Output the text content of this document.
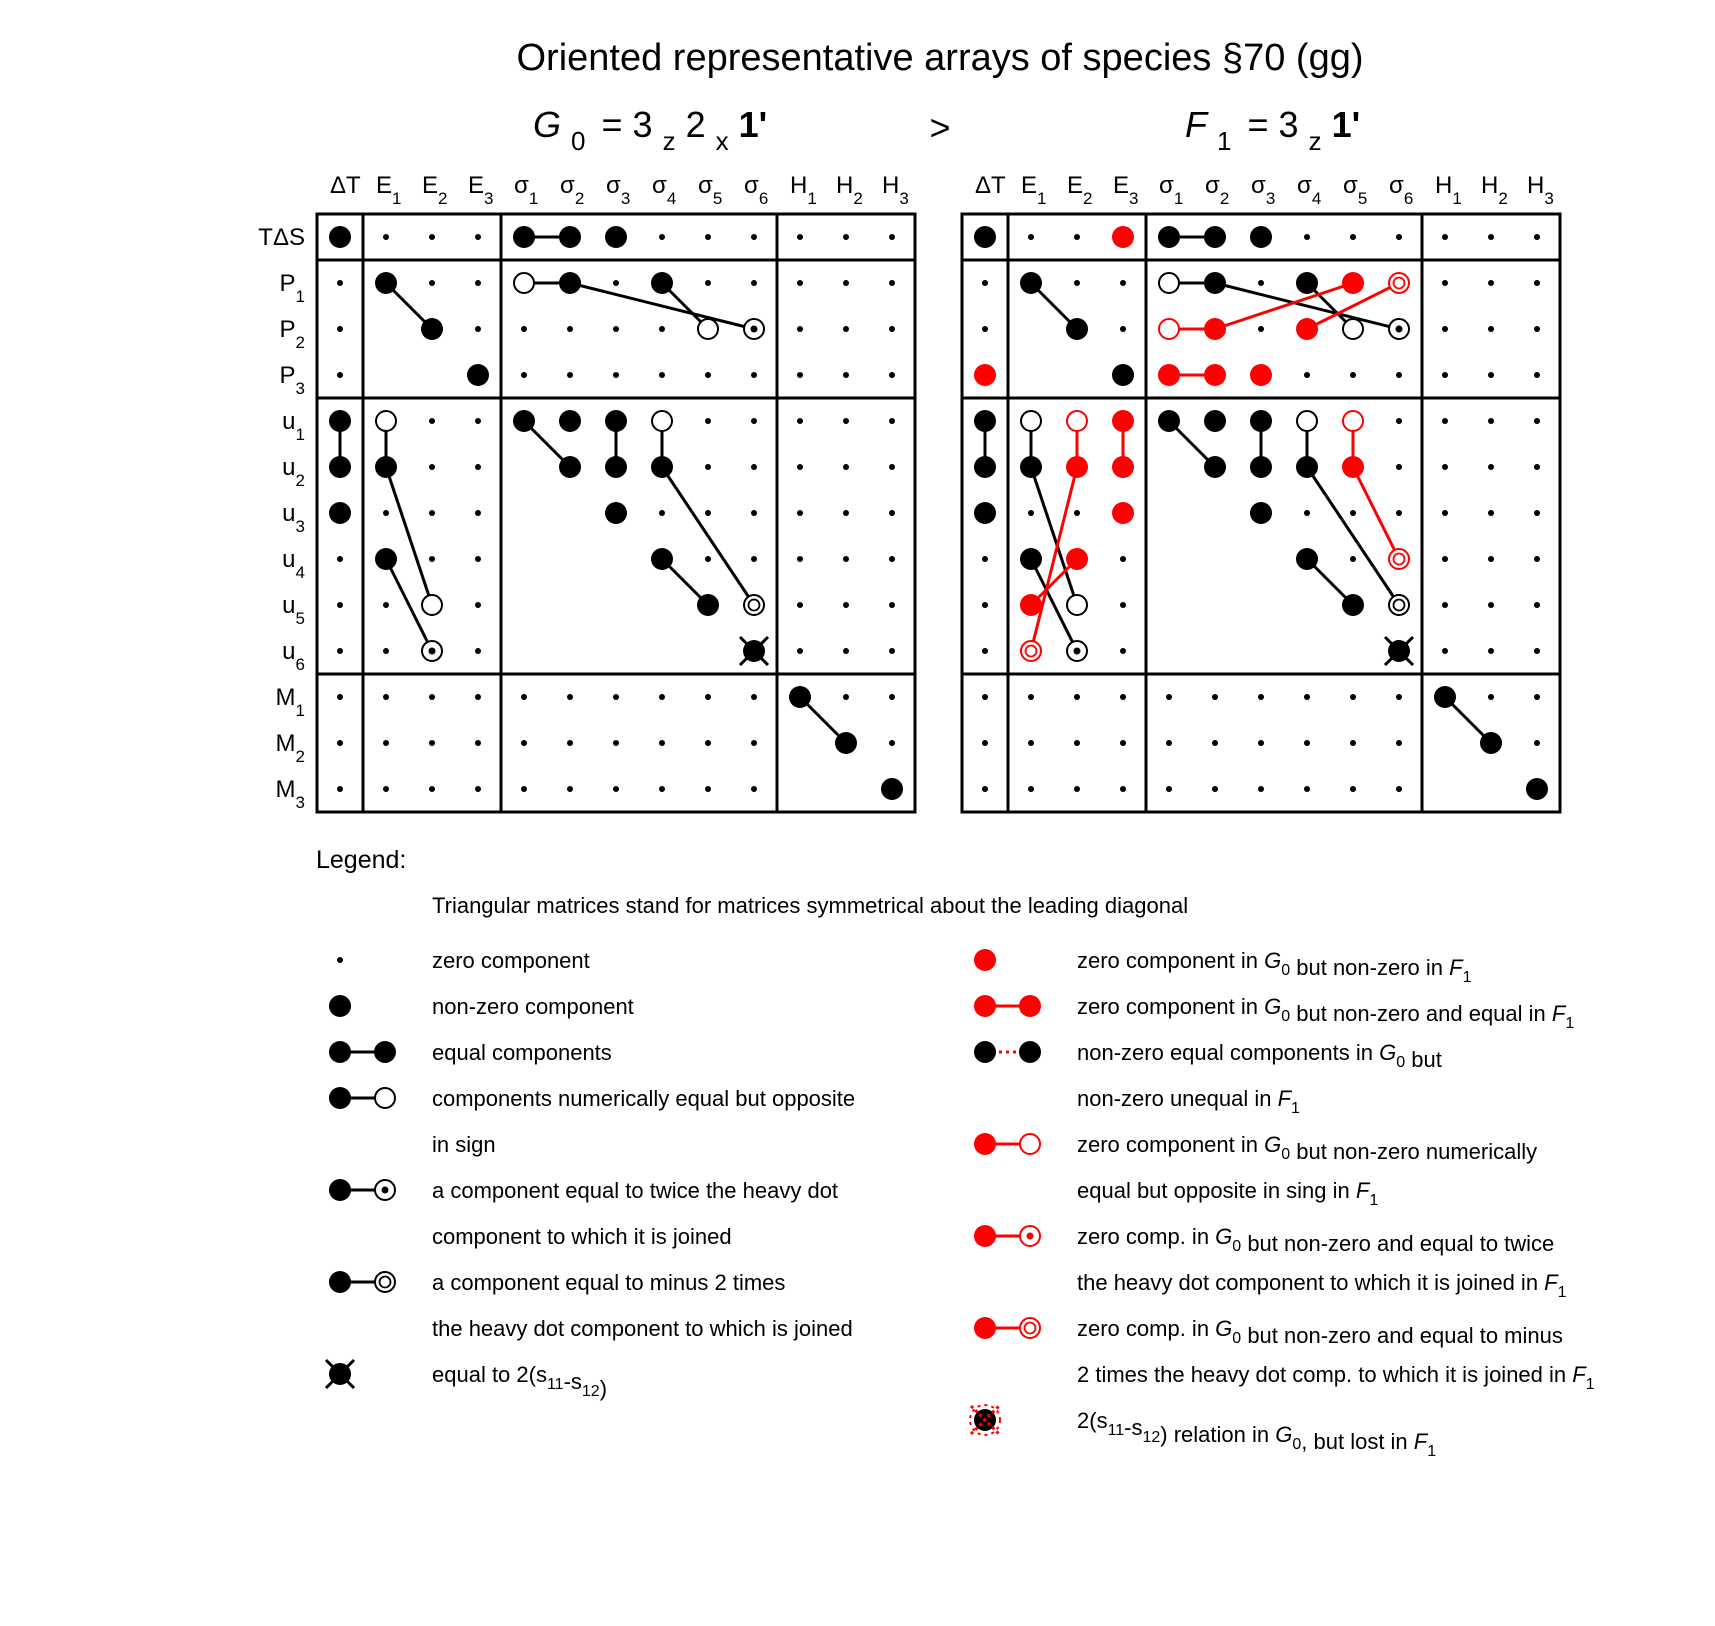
Oriented representative arrays of species §70 (gg)
G $_0$ = 3 $_z$ 2 $_x$ 1'	>	F $_1$ = 3 $_z$ 1'
ΔT $E_1$ $E_2$ $E_3$ $\sigma_1$ $\sigma_2$ $\sigma_3$ $\sigma_4$ $\sigma_5$ $\sigma_6$ $H_1$ $H_2$ $H_3$
TΔS
$P_1$
$P_2$
$P_3$
$u_1$
$u_2$
$u_3$
$u_4$
$u_5$
$u_6$
$M_1$
$M_2$
$M_3$
ΔT $E_1$ $E_2$ $E_3$ $\sigma_1$ $\sigma_2$ $\sigma_3$ $\sigma_4$ $\sigma_5$ $\sigma_6$ $H_1$ $H_2$ $H_3$
Legend:
Triangular matrices stand for matrices symmetrical about the leading diagonal
zero component
non-zero component
equal components
components numerically equal but opposite
in sign
a component equal to twice the heavy dot
component to which it is joined
a component equal to minus 2 times
the heavy dot component to which is joined
equal to $2(s_{11}-s_{12})$
zero component in $G_0$ but non-zero in $F_1$
zero component in $G_0$ but non-zero and equal in $F_1$
non-zero equal components in $G_0$ but
non-zero unequal in $F_1$
zero component in $G_0$ but non-zero numerically
equal but opposite in sing in $F_1$
zero comp. in $G_0$ but non-zero and equal to twice
the heavy dot component to which it is joined in $F_1$
zero comp. in $G_0$ but non-zero and equal to minus
2 times the heavy dot comp. to which it is joined in $F_1$
$2(s_{11}-s_{12})$ relation in $G_0$, but lost in $F_1$
